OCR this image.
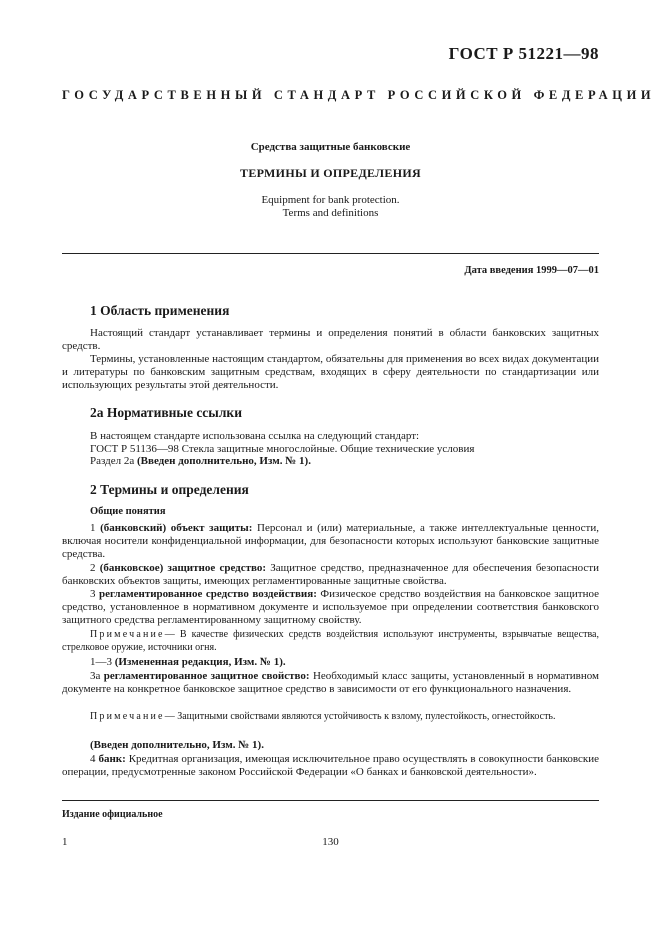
ГОСТ Р 51221—98
ГОСУДАРСТВЕННЫЙ СТАНДАРТ РОССИЙСКОЙ ФЕДЕРАЦИИ
Средства защитные банковские
ТЕРМИНЫ И ОПРЕДЕЛЕНИЯ
Equipment for bank protection.
Terms and definitions
Дата введения 1999—07—01
1 Область применения
Настоящий стандарт устанавливает термины и определения понятий в области банковских защитных средств.
Термины, установленные настоящим стандартом, обязательны для применения во всех видах документации и литературы по банковским защитным средствам, входящих в сферу деятельности по стандартизации или использующих результаты этой деятельности.
2а Нормативные ссылки
В настоящем стандарте использована ссылка на следующий стандарт:
ГОСТ Р 51136—98 Стекла защитные многослойные. Общие технические условия
Раздел 2а (Введен дополнительно, Изм. № 1).
2 Термины и определения
Общие понятия
1 (банковский) объект защиты: Персонал и (или) материальные, а также интеллектуальные ценности, включая носители конфиденциальной информации, для безопасности которых используют банковские защитные средства.
2 (банковское) защитное средство: Защитное средство, предназначенное для обеспечения безопасности банковских объектов защиты, имеющих регламентированные защитные свойства.
3 регламентированное средство воздействия: Физическое средство воздействия на банковское защитное средство, установленное в нормативном документе и используемое при определении соответствия банковского защитного средства регламентированному защитному свойству.
Примечание— В качестве физических средств воздействия используют инструменты, взрывчатые вещества, стрелковое оружие, источники огня.
1—3 (Измененная редакция, Изм. № 1).
3а регламентированное защитное свойство: Необходимый класс защиты, установленный в нормативном документе на конкретное банковское защитное средство в зависимости от его функционального назначения.
Примечание— Защитными свойствами являются устойчивость к взлому, пулестойкость, огнестойкость.
(Введен дополнительно, Изм. № 1).
4 банк: Кредитная организация, имеющая исключительное право осуществлять в совокупности банковские операции, предусмотренные законом Российской Федерации «О банках и банковской деятельности».
Издание официальное
1	130
